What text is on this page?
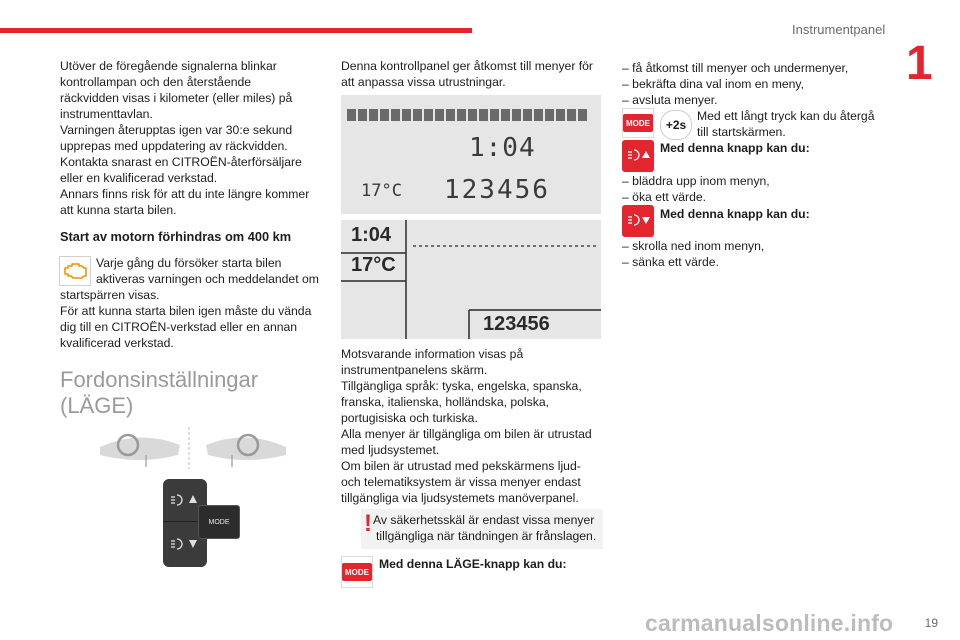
Instrumentpanel
1

Utöver de föregående signalerna blinkar

kontrollampan och den återstående

räckvidden visas i kilometer (eller miles) på

instrumenttavlan.

Varningen återupptas igen var 30:e sekund

upprepas med uppdatering av räckvidden.

Kontakta snarast en CITROËN-återförsäljare

eller en kvalificerad verkstad.

Annars finns risk för att du inte längre kommer

att kunna starta bilen.

Start av motorn förhindras om 400 km

Varje gång du försöker starta bilen

aktiveras varningen och meddelandet om

startspärren visas.

För att kunna starta bilen igen måste du vända

dig till en CITROËN-verkstad eller en annan

kvalificerad verkstad.

Fordonsinställningar
(LÄGE)
MODE

Denna kontrollpanel ger åtkomst till menyer för

att anpassa vissa utrustningar.

1:04
17°C 123456
1:04
17°C
123456

Motsvarande information visas på

instrumentpanelens skärm.

Tillgängliga språk: tyska, engelska, spanska,

franska, italienska, holländska, polska,

portugisiska och turkiska.

Alla menyer är tillgängliga om bilen är utrustad

med ljudsystemet.

Om bilen är utrustad med pekskärmens ljud-

och telematiksystem är vissa menyer endast

tillgängliga via ljudsystemets manöverpanel.

! Av säkerhetsskäl är endast vissa menyer

tillgängliga när tändningen är frånslagen.

MODE
Med denna LÄGE-knapp kan du:
– få åtkomst till menyer och undermenyer,
– bekräfta dina val inom en meny,
– avsluta menyer.
MODE	+2s

Med ett långt tryck kan du återgå

till startskärmen.

Med denna knapp kan du:
– bläddra upp inom menyn,
– öka ett värde.
Med denna knapp kan du:
– skrolla ned inom menyn,
– sänka ett värde.
carmanualsonline.info	19
